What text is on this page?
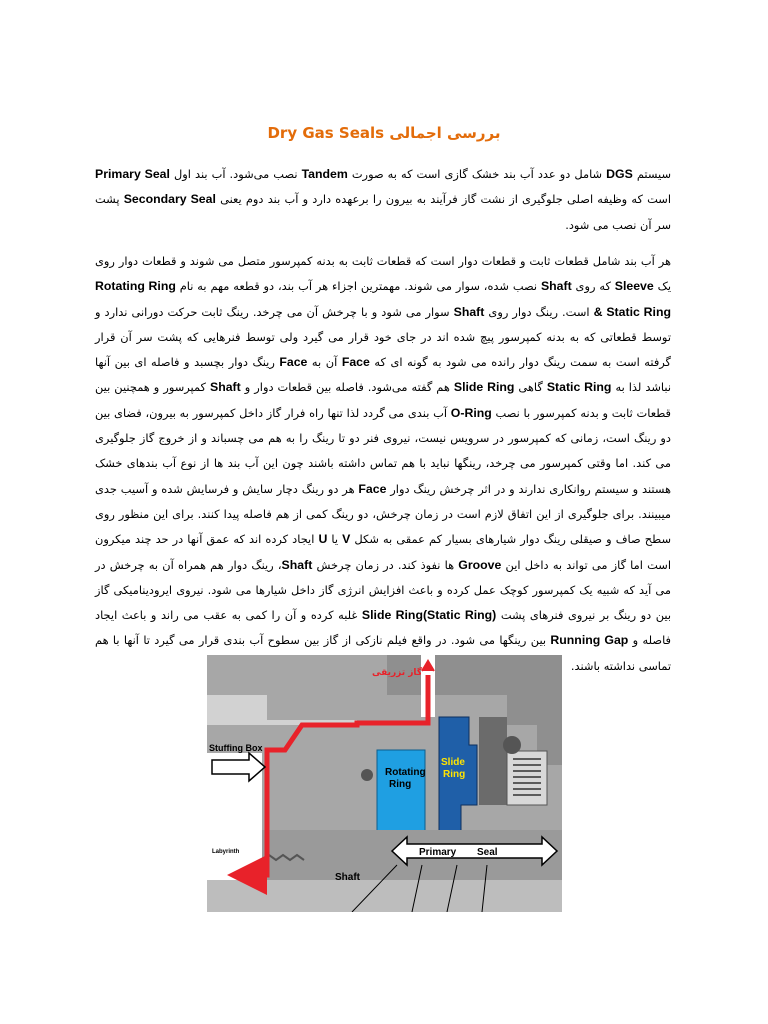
بررسی اجمالی Dry Gas Seals
سیستم DGS شامل دو عدد آب بند خشک گازی است که به صورت Tandem نصب می‌شود. آب بند اول Primary Seal است که وظیفه اصلی جلوگیری از نشت گاز فرآیند به بیرون را برعهده دارد و آب بند دوم یعنی Secondary Seal پشت سر آن نصب می شود.
هر آب بند شامل قطعات ثابت و قطعات دوار است که قطعات ثابت به بدنه کمپرسور متصل می شوند و قطعات دوار روی یک Sleeve که روی Shaft نصب شده، سوار می شوند. مهمترین اجزاء هر آب بند، دو قطعه مهم به نام Rotating Ring & Static Ring است. رینگ دوار روی Shaft سوار می شود و با چرخش آن می چرخد. رینگ ثابت حرکت دورانی ندارد و توسط قطعاتی که به بدنه کمپرسور پیچ شده اند در جای خود قرار می گیرد ولی توسط فنرهایی که پشت سر آن قرار گرفته است به سمت رینگ دوار رانده می شود به گونه ای که Face آن به Face رینگ دوار بچسبد و فاصله ای بین آنها نباشد لذا به Static Ring گاهی Slide Ring هم گفته می‌شود. فاصله بین قطعات دوار و Shaft کمپرسور و همچنین بین قطعات ثابت و بدنه کمپرسور با نصب O-Ring آب بندی می گردد لذا تنها راه فرار گاز داخل کمپرسور به بیرون، فضای بین دو رینگ است، زمانی که کمپرسور در سرویس نیست، نیروی فنر دو تا رینگ را به هم می چسباند و از خروج گاز جلوگیری می کند. اما وقتی کمپرسور می چرخد، رینگها نباید با هم تماس داشته باشند چون این آب بند ها از نوع آب بندهای خشک هستند و سیستم روانکاری ندارند و در اثر چرخش رینگ دوار Face هر دو رینگ دچار سایش و فرسایش شده و آسیب جدی میبینند. برای جلوگیری از این اتفاق لازم است در زمان چرخش، دو رینگ کمی از هم فاصله پیدا کنند. برای این منظور روی سطح صاف و صیقلی رینگ دوار شیارهای بسیار کم عمقی به شکل V یا U ایجاد کرده اند که عمق آنها در حد چند میکرون است اما گاز می تواند به داخل این Groove ها نفوذ کند. در زمان چرخش Shaft، رینگ دوار هم همراه آن به چرخش در می آید که شبیه یک کمپرسور کوچک عمل کرده و باعث افزایش انرژی گاز داخل شیارها می شود. نیروی ایرودینامیکی گاز بین دو رینگ بر نیروی فنرهای پشت Slide Ring(Static Ring) غلبه کرده و آن را کمی به عقب می راند و باعث ایجاد فاصله و Running Gap بین رینگها می شود. در واقع فیلم نازکی از گاز بین سطوح آب بندی قرار می گیرد تا آنها با هم تماسی نداشته باشند.
گاز تزریقی
Stuffing Box
Rotating
Ring
Slide
Ring
Labyrinth	Primary Seal
Shaft
